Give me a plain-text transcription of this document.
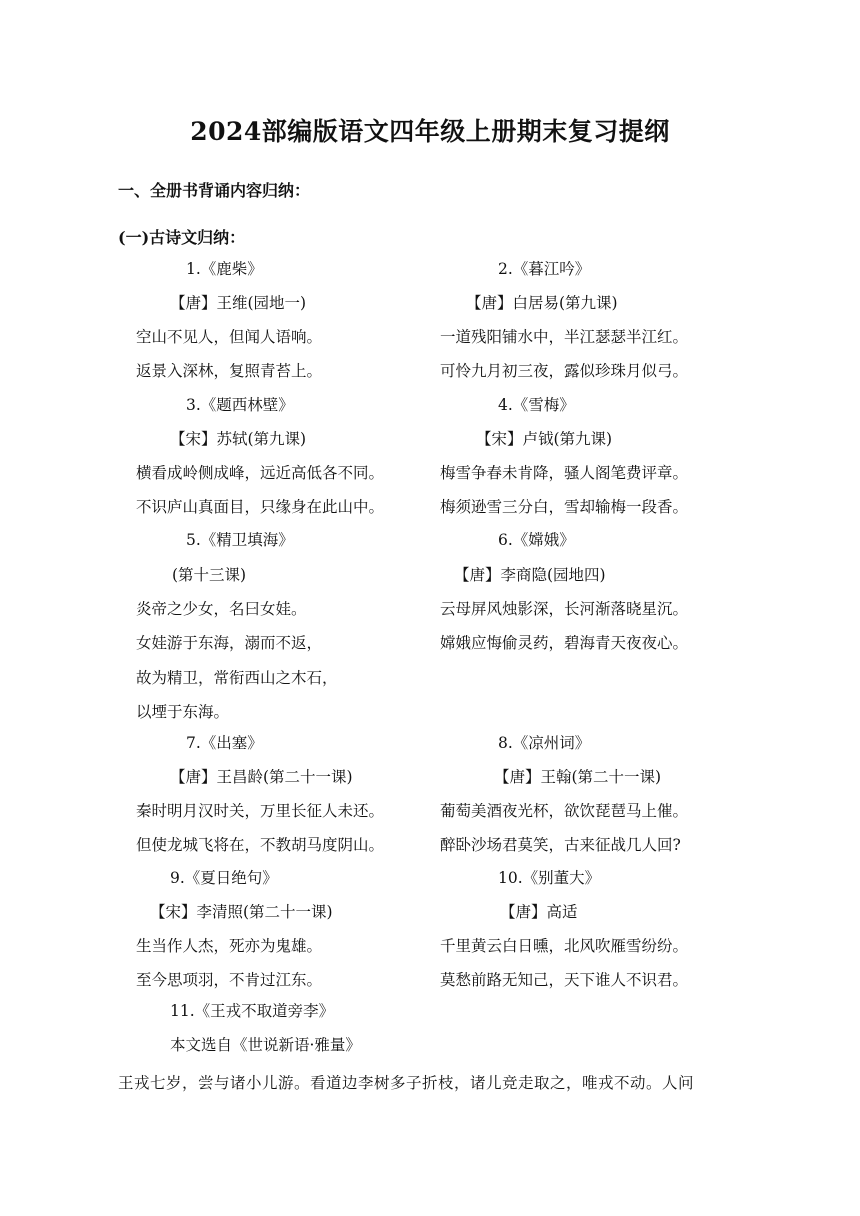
2024部编版语文四年级上册期末复习提纲
一、全册书背诵内容归纳：
(一)古诗文归纳：
1.《鹿柴》
【唐】王维(园地一)
空山不见人，但闻人语响。
返景入深林，复照青苔上。
2.《暮江吟》
【唐】白居易(第九课)
一道残阳铺水中，半江瑟瑟半江红。
可怜九月初三夜，露似珍珠月似弓。
3.《题西林壁》
【宋】苏轼(第九课)
横看成岭侧成峰，远近高低各不同。
不识庐山真面目，只缘身在此山中。
4.《雪梅》
【宋】卢钺(第九课)
梅雪争春未肯降，骚人阁笔费评章。
梅须逊雪三分白，雪却输梅一段香。
5.《精卫填海》
(第十三课)
炎帝之少女，名曰女娃。
女娃游于东海，溺而不返，
故为精卫，常衔西山之木石，
以堙于东海。
6.《嫦娥》
【唐】李商隐(园地四)
云母屏风烛影深，长河渐落晓星沉。
嫦娥应悔偷灵药，碧海青天夜夜心。
7.《出塞》
【唐】王昌龄(第二十一课)
秦时明月汉时关，万里长征人未还。
但使龙城飞将在，不教胡马度阴山。
8.《凉州词》
【唐】王翰(第二十一课)
葡萄美酒夜光杯，欲饮琵琶马上催。
醉卧沙场君莫笑，古来征战几人回?
9.《夏日绝句》
【宋】李清照(第二十一课)
生当作人杰，死亦为鬼雄。
至今思项羽，不肯过江东。
10.《别董大》
【唐】高适
千里黄云白日曛，北风吹雁雪纷纷。
莫愁前路无知己，天下谁人不识君。
11.《王戎不取道旁李》
本文选自《世说新语·雅量》
王戎七岁，尝与诸小儿游。看道边李树多子折枝，诸儿竞走取之，唯戎不动。人问
